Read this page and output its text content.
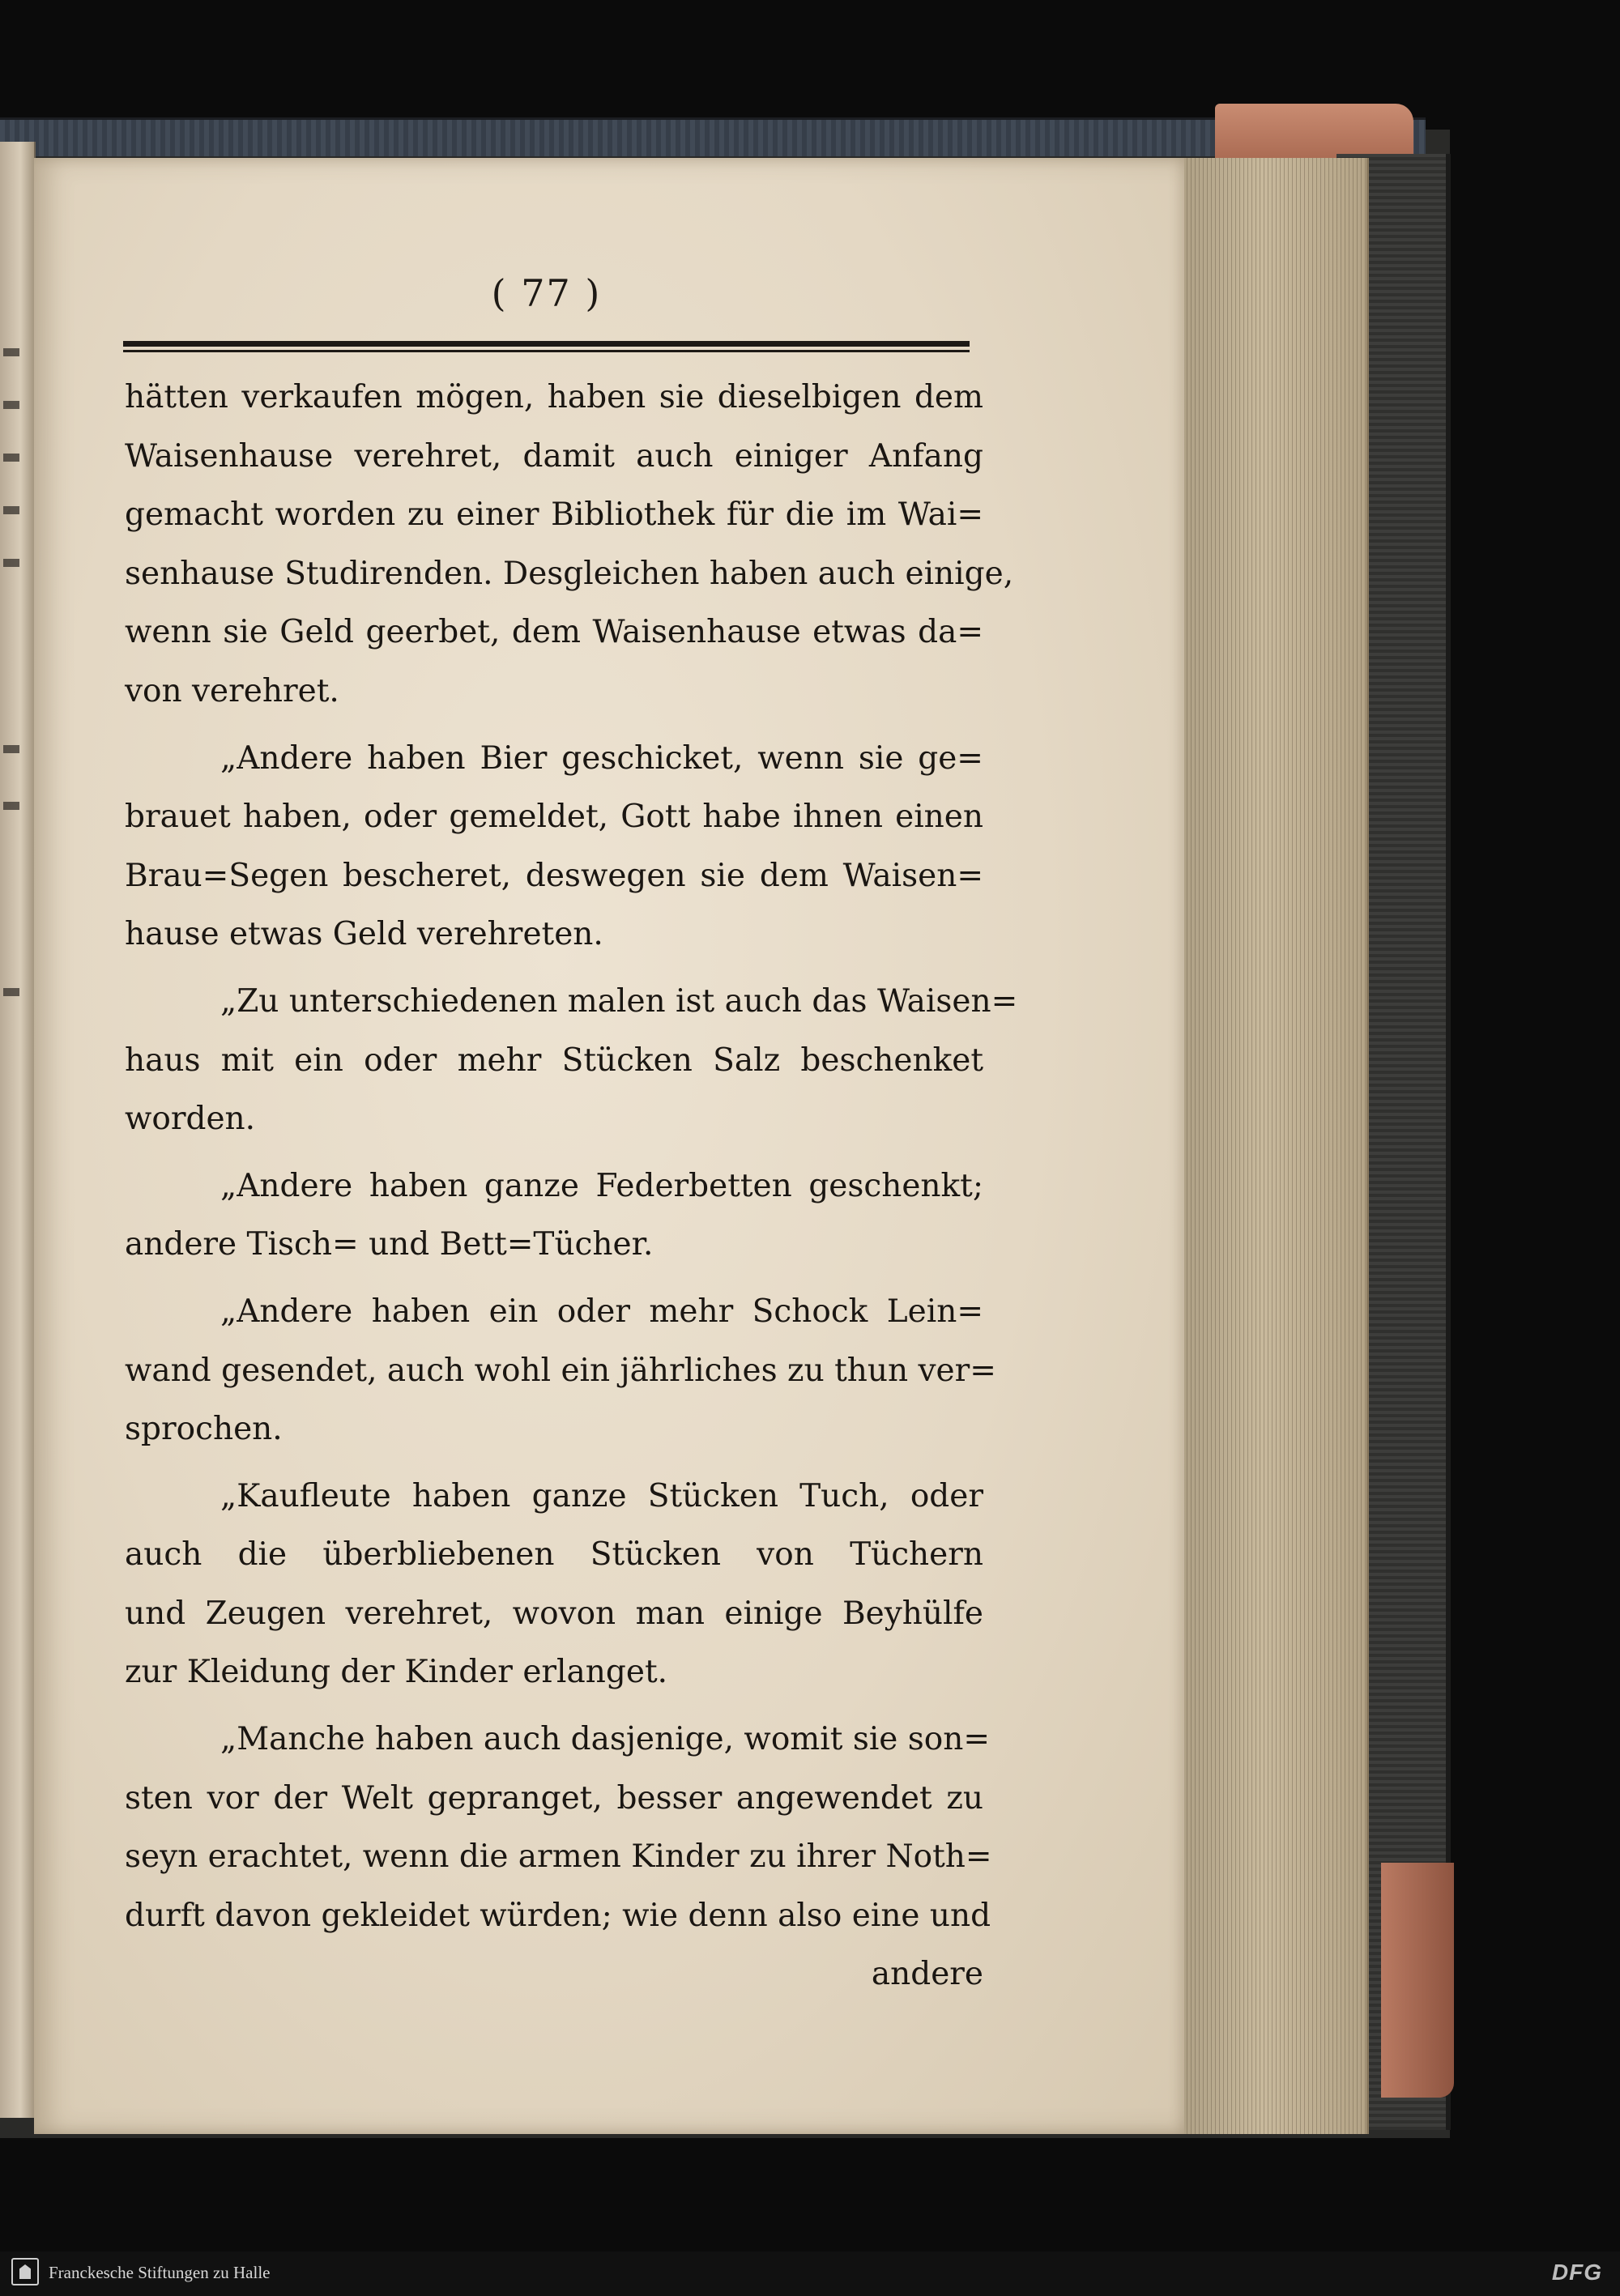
( 77 )
hätten verkaufen mögen, haben sie dieselbigen dem
Waisenhause verehret, damit auch einiger Anfang
gemacht worden zu einer Bibliothek für die im Wai=
senhause Studirenden. Desgleichen haben auch einige,
wenn sie Geld geerbet, dem Waisenhause etwas da=
von verehret.
„Andere haben Bier geschicket, wenn sie ge=
brauet haben, oder gemeldet, Gott habe ihnen einen
Brau=Segen bescheret, deswegen sie dem Waisen=
hause etwas Geld verehreten.
„Zu unterschiedenen malen ist auch das Waisen=
haus mit ein oder mehr Stücken Salz beschenket
worden.
„Andere haben ganze Federbetten geschenkt;
andere Tisch= und Bett=Tücher.
„Andere haben ein oder mehr Schock Lein=
wand gesendet, auch wohl ein jährliches zu thun ver=
sprochen.
„Kaufleute haben ganze Stücken Tuch, oder
auch die überbliebenen Stücken von Tüchern
und Zeugen verehret, wovon man einige Beyhülfe
zur Kleidung der Kinder erlanget.
„Manche haben auch dasjenige, womit sie son=
sten vor der Welt gepranget, besser angewendet zu
seyn erachtet, wenn die armen Kinder zu ihrer Noth=
durft davon gekleidet würden; wie denn also eine und
andere
Franckesche Stiftungen zu Halle	DFG
